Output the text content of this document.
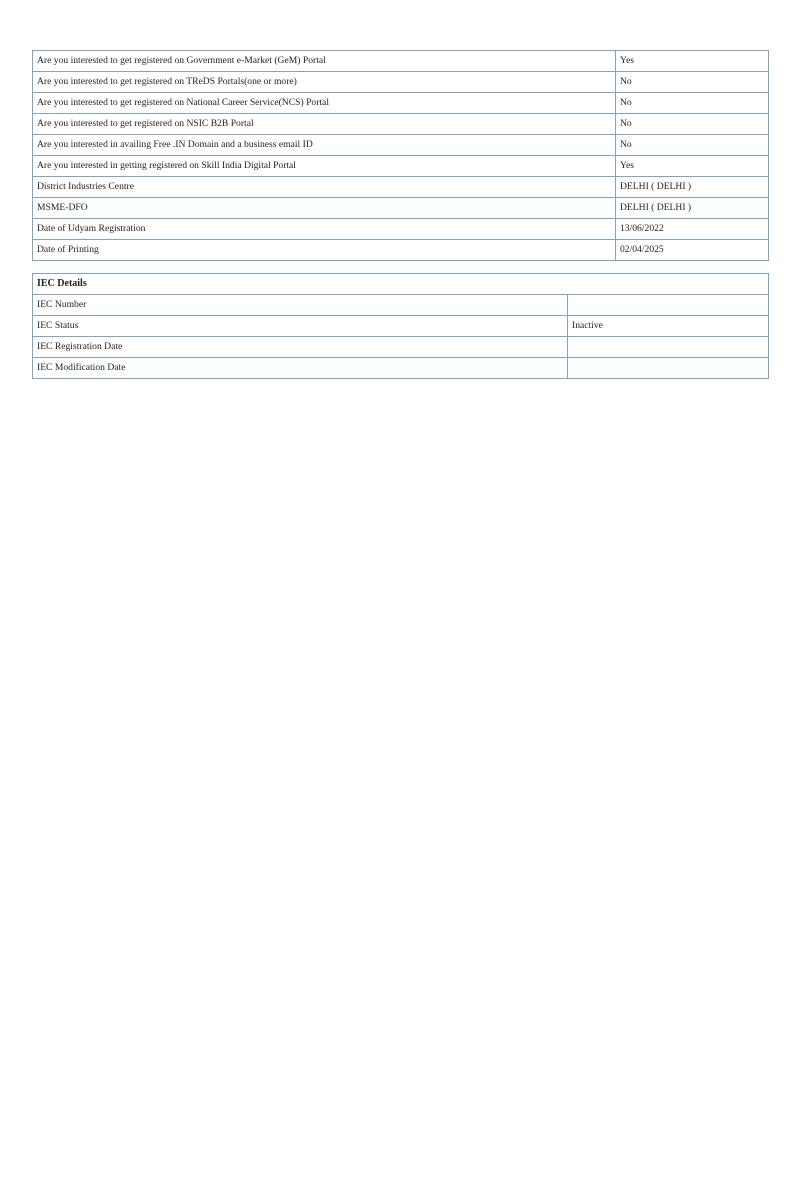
Are you interested to get registered on Government e-Market (GeM) Portal	Yes
Are you interested to get registered on TReDS Portals(one or more)	No
Are you interested to get registered on National Career Service(NCS) Portal	No
Are you interested to get registered on NSIC B2B Portal	No
Are you interested in availing Free .IN Domain and a business email ID	No
Are you interested in getting registered on Skill India Digital Portal	Yes
District Industries Centre	DELHI ( DELHI )
MSME-DFO	DELHI ( DELHI )
Date of Udyam Registration	13/06/2022
Date of Printing	02/04/2025
IEC Details	
IEC Number	
IEC Status	Inactive
IEC Registration Date	
IEC Modification Date	
